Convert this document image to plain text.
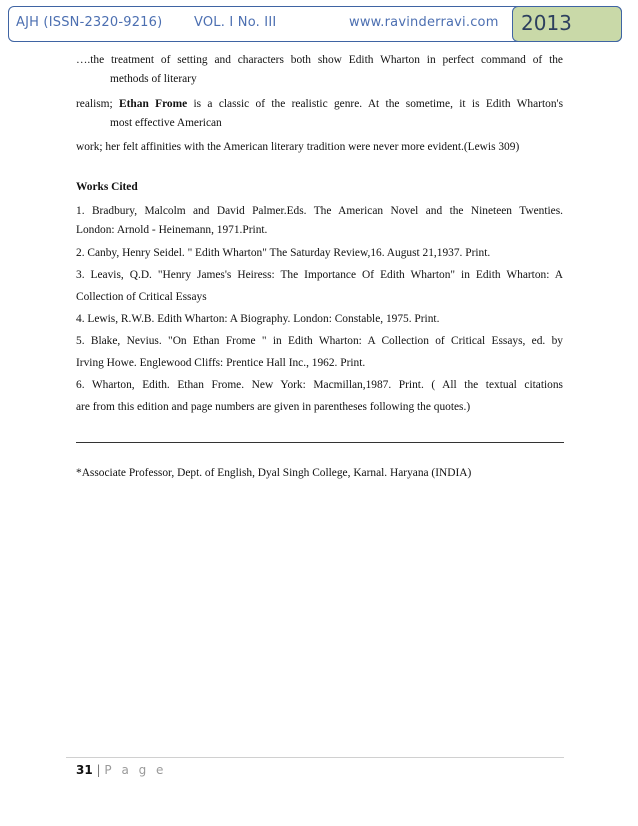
AJH (ISSN-2320-9216) VOL. I No. III	www.ravinderravi.com 2013
….the treatment of setting and characters both show Edith Wharton in perfect command of the
methods of literary
realism; Ethan Frome is a classic of the realistic genre. At the sometime, it is Edith Wharton's
most effective American
work; her felt affinities with the American literary tradition were never more evident.(Lewis 309)
Works Cited
1. Bradbury, Malcolm and David Palmer.Eds. The American Novel and the Nineteen Twenties.
London: Arnold - Heinemann, 1971.Print.
2. Canby, Henry Seidel. " Edith Wharton" The Saturday Review,16. August 21,1937. Print.
3. Leavis, Q.D. "Henry James's Heiress: The Importance Of Edith Wharton" in Edith Wharton: A
Collection of Critical Essays
4. Lewis, R.W.B. Edith Wharton: A Biography. London: Constable, 1975. Print.
5. Blake, Nevius. "On Ethan Frome " in Edith Wharton: A Collection of Critical Essays, ed. by
Irving Howe. Englewood Cliffs: Prentice Hall Inc., 1962. Print.
6. Wharton, Edith. Ethan Frome. New York: Macmillan,1987. Print. ( All the textual citations
are from this edition and page numbers are given in parentheses following the quotes.)
*Associate Professor, Dept. of English, Dyal Singh College, Karnal. Haryana (INDIA)
31 | P a g e
